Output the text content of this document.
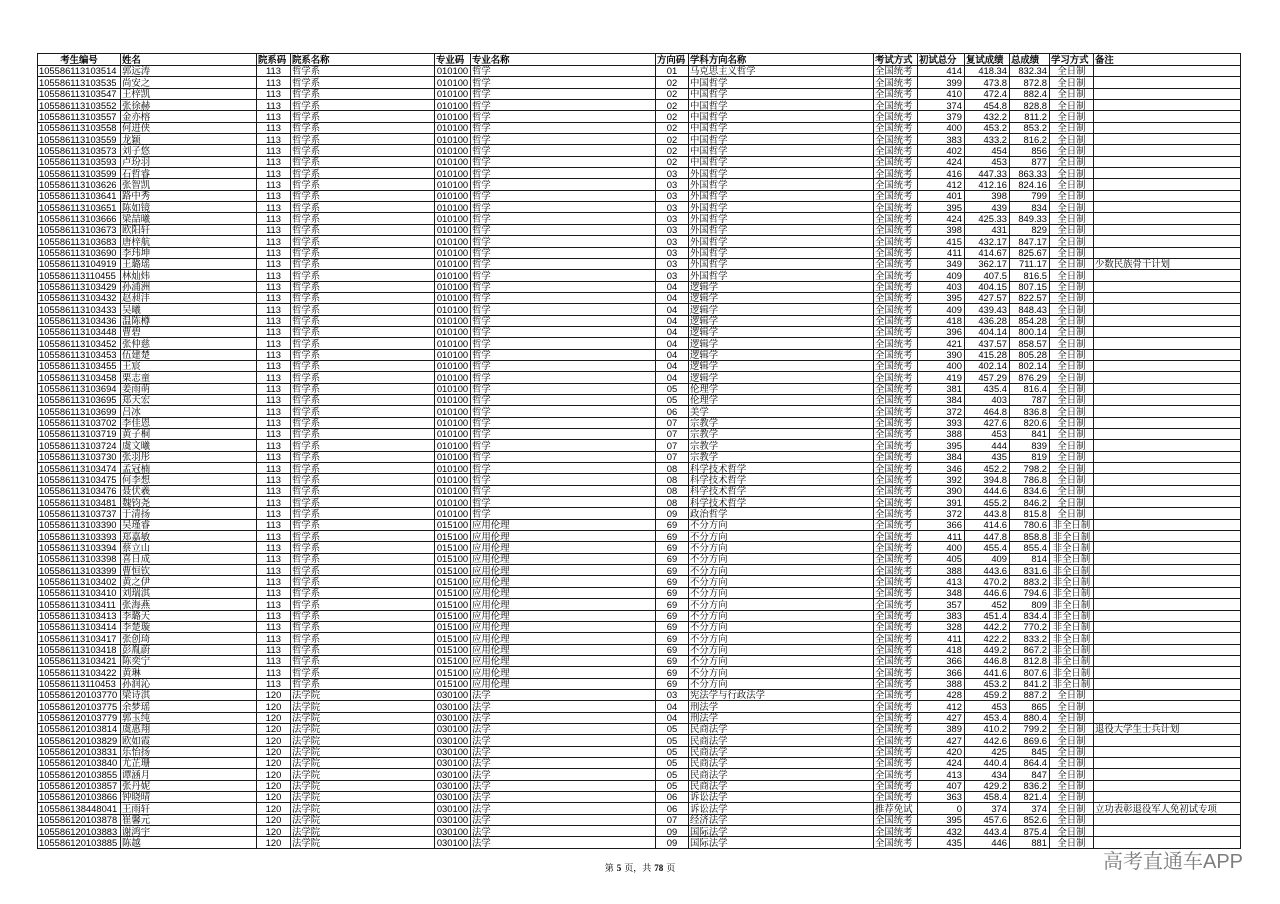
考生编号	姓名	院系码 院系名称	专业码 专业名称	方向码 学科方向名称	考试方式 初试总分	复试成绩 总成绩	学习方式 备注
105586113103514 郭远涛	113	哲学系	010100 哲学	01	马克思主义哲学	全国统考	414	418.34	832.34	全日制
105586113103535 尚安之	113	哲学系	010100 哲学	02	中国哲学	全国统考	399	473.8	872.8	全日制
105586113103547 王梓凯	113	哲学系	010100 哲学	02	中国哲学	全国统考	410	472.4	882.4	全日制
105586113103552 张徐赫	113	哲学系	010100 哲学	02	中国哲学	全国统考	374	454.8	828.8	全日制
105586113103557 金亦榕	113	哲学系	010100 哲学	02	中国哲学	全国统考	379	432.2	811.2	全日制
105586113103558 何进侠	113	哲学系	010100 哲学	02	中国哲学	全国统考	400	453.2	853.2	全日制
105586113103559 龙颖	113	哲学系	010100 哲学	02	中国哲学	全国统考	383	433.2	816.2	全日制
105586113103573 刘子悠	113	哲学系	010100 哲学	02	中国哲学	全国统考	402	454	856	全日制
105586113103593 卢玢羽	113	哲学系	010100 哲学	02	中国哲学	全国统考	424	453	877	全日制
105586113103599 石哲睿	113	哲学系	010100 哲学	03	外国哲学	全国统考	416	447.33	863.33	全日制
105586113103626 张智凯	113	哲学系	010100 哲学	03	外国哲学	全国统考	412	412.16	824.16	全日制
105586113103641 路中秀	113	哲学系	010100 哲学	03	外国哲学	全国统考	401	398	799	全日制
105586113103651 陈如镜	113	哲学系	010100 哲学	03	外国哲学	全国统考	395	439	834	全日制
105586113103666 梁喆曦	113	哲学系	010100 哲学	03	外国哲学	全国统考	424	425.33	849.33	全日制
105586113103673 欧阳轩	113	哲学系	010100 哲学	03	外国哲学	全国统考	398	431	829	全日制
105586113103683 唐梓航	113	哲学系	010100 哲学	03	外国哲学	全国统考	415	432.17	847.17	全日制
105586113103690 李玮坤	113	哲学系	010100 哲学	03	外国哲学	全国统考	411	414.67	825.67	全日制
105586113104919 王璐瑶	113	哲学系	010100 哲学	03	外国哲学	全国统考	349	362.17	711.17	全日制	少数民族骨干计划
105586113110455 林灿炜	113	哲学系	010100 哲学	03	外国哲学	全国统考	409	407.5	816.5	全日制
105586113103429 孙浦洲	113	哲学系	010100 哲学	04	逻辑学	全国统考	403	404.15	807.15	全日制
105586113103432 赵昶沣	113	哲学系	010100 哲学	04	逻辑学	全国统考	395	427.57	822.57	全日制
105586113103433 吴曦	113	哲学系	010100 哲学	04	逻辑学	全国统考	409	439.43	848.43	全日制
105586113103436 温陈樽	113	哲学系	010100 哲学	04	逻辑学	全国统考	418	436.28	854.28	全日制
105586113103448 曹碧	113	哲学系	010100 哲学	04	逻辑学	全国统考	396	404.14	800.14	全日制
105586113103452 张仲慈	113	哲学系	010100 哲学	04	逻辑学	全国统考	421	437.57	858.57	全日制
105586113103453 伍建楚	113	哲学系	010100 哲学	04	逻辑学	全国统考	390	415.28	805.28	全日制
105586113103455 王宸	113	哲学系	010100 哲学	04	逻辑学	全国统考	400	402.14	802.14	全日制
105586113103458 栗志童	113	哲学系	010100 哲学	04	逻辑学	全国统考	419	457.29	876.29	全日制
105586113103694 姜雨萌	113	哲学系	010100 哲学	05	伦理学	全国统考	381	435.4	816.4	全日制
105586113103695 郑天宏	113	哲学系	010100 哲学	05	伦理学	全国统考	384	403	787	全日制
105586113103699 吕冰	113	哲学系	010100 哲学	06	美学	全国统考	372	464.8	836.8	全日制
105586113103702 李佳恩	113	哲学系	010100 哲学	07	宗教学	全国统考	393	427.6	820.6	全日制
105586113103719 黄子桐	113	哲学系	010100 哲学	07	宗教学	全国统考	388	453	841	全日制
105586113103724 虞文曦	113	哲学系	010100 哲学	07	宗教学	全国统考	395	444	839	全日制
105586113103730 张羽彤	113	哲学系	010100 哲学	07	宗教学	全国统考	384	435	819	全日制
105586113103474 孟冠楠	113	哲学系	010100 哲学	08	科学技术哲学	全国统考	346	452.2	798.2	全日制
105586113103475 何李想	113	哲学系	010100 哲学	08	科学技术哲学	全国统考	392	394.8	786.8	全日制
105586113103476 聂伏羲	113	哲学系	010100 哲学	08	科学技术哲学	全国统考	390	444.6	834.6	全日制
105586113103481 魏钧尧	113	哲学系	010100 哲学	08	科学技术哲学	全国统考	391	455.2	846.2	全日制
105586113103737 于清扬	113	哲学系	010100 哲学	09	政治哲学	全国统考	372	443.8	815.8	全日制
105586113103390 吴瑾睿	113	哲学系	015100 应用伦理	69	不分方向	全国统考	366	414.6	780.6 非全日制
105586113103393 郑嘉敏	113	哲学系	015100 应用伦理	69	不分方向	全国统考	411	447.8	858.8 非全日制
105586113103394 蔡立山	113	哲学系	015100 应用伦理	69	不分方向	全国统考	400	455.4	855.4 非全日制
105586113103398 喜日成	113	哲学系	015100 应用伦理	69	不分方向	全国统考	405	409	814 非全日制
105586113103399 曹恒钦	113	哲学系	015100 应用伦理	69	不分方向	全国统考	388	443.6	831.6 非全日制
105586113103402 黄之伊	113	哲学系	015100 应用伦理	69	不分方向	全国统考	413	470.2	883.2 非全日制
105586113103410 刘瑞淇	113	哲学系	015100 应用伦理	69	不分方向	全国统考	348	446.6	794.6 非全日制
105586113103411 张海燕	113	哲学系	015100 应用伦理	69	不分方向	全国统考	357	452	809 非全日制
105586113103413 李璐天	113	哲学系	015100 应用伦理	69	不分方向	全国统考	383	451.4	834.4 非全日制
105586113103414 李楚璇	113	哲学系	015100 应用伦理	69	不分方向	全国统考	328	442.2	770.2 非全日制
105586113103417 张创琦	113	哲学系	015100 应用伦理	69	不分方向	全国统考	411	422.2	833.2 非全日制
105586113103418 彭胤蔚	113	哲学系	015100 应用伦理	69	不分方向	全国统考	418	449.2	867.2 非全日制
105586113103421 陈奕宁	113	哲学系	015100 应用伦理	69	不分方向	全国统考	366	446.8	812.8 非全日制
105586113103422 黄琳	113	哲学系	015100 应用伦理	69	不分方向	全国统考	366	441.6	807.6 非全日制
105586113110453 孙润沁	113	哲学系	015100 应用伦理	69	不分方向	全国统考	388	453.2	841.2 非全日制
105586120103770 梁诗淇	120	法学院	030100 法学	03	宪法学与行政法学	全国统考	428	459.2	887.2	全日制
105586120103775 余梦瑶	120	法学院	030100 法学	04	刑法学	全国统考	412	453	865	全日制
105586120103779 郭玉纯	120	法学院	030100 法学	04	刑法学	全国统考	427	453.4	880.4	全日制
105586120103814 虞惠翔	120	法学院	030100 法学	05	民商法学	全国统考	389	410.2	799.2	全日制	退役大学生士兵计划
105586120103829 欧如霞	120	法学院	030100 法学	05	民商法学	全国统考	427	442.6	869.6	全日制
105586120103831 乐怡扬	120	法学院	030100 法学	05	民商法学	全国统考	420	425	845	全日制
105586120103840 尤芷珊	120	法学院	030100 法学	05	民商法学	全国统考	424	440.4	864.4	全日制
105586120103855 谭涵月	120	法学院	030100 法学	05	民商法学	全国统考	413	434	847	全日制
105586120103857 张丹妮	120	法学院	030100 法学	05	民商法学	全国统考	407	429.2	836.2	全日制
105586120103866 钟晓晴	120	法学院	030100 法学	06	诉讼法学	全国统考	363	458.4	821.4	全日制
105586138448041 王雨轩	120	法学院	030100 法学	06	诉讼法学	推荐免试	0	374	374	全日制	立功表彰退役军人免初试专项
105586120103878 崔馨元	120	法学院	030100 法学	07	经济法学	全国统考	395	457.6	852.6	全日制
105586120103883 谢鸿宇	120	法学院	030100 法学	09	国际法学	全国统考	432	443.4	875.4	全日制
105586120103885 陈越	120	法学院	030100 法学	09	国际法学	全国统考	435	446	881	全日制
第 5 页，共 78 页	高考直通车APP
